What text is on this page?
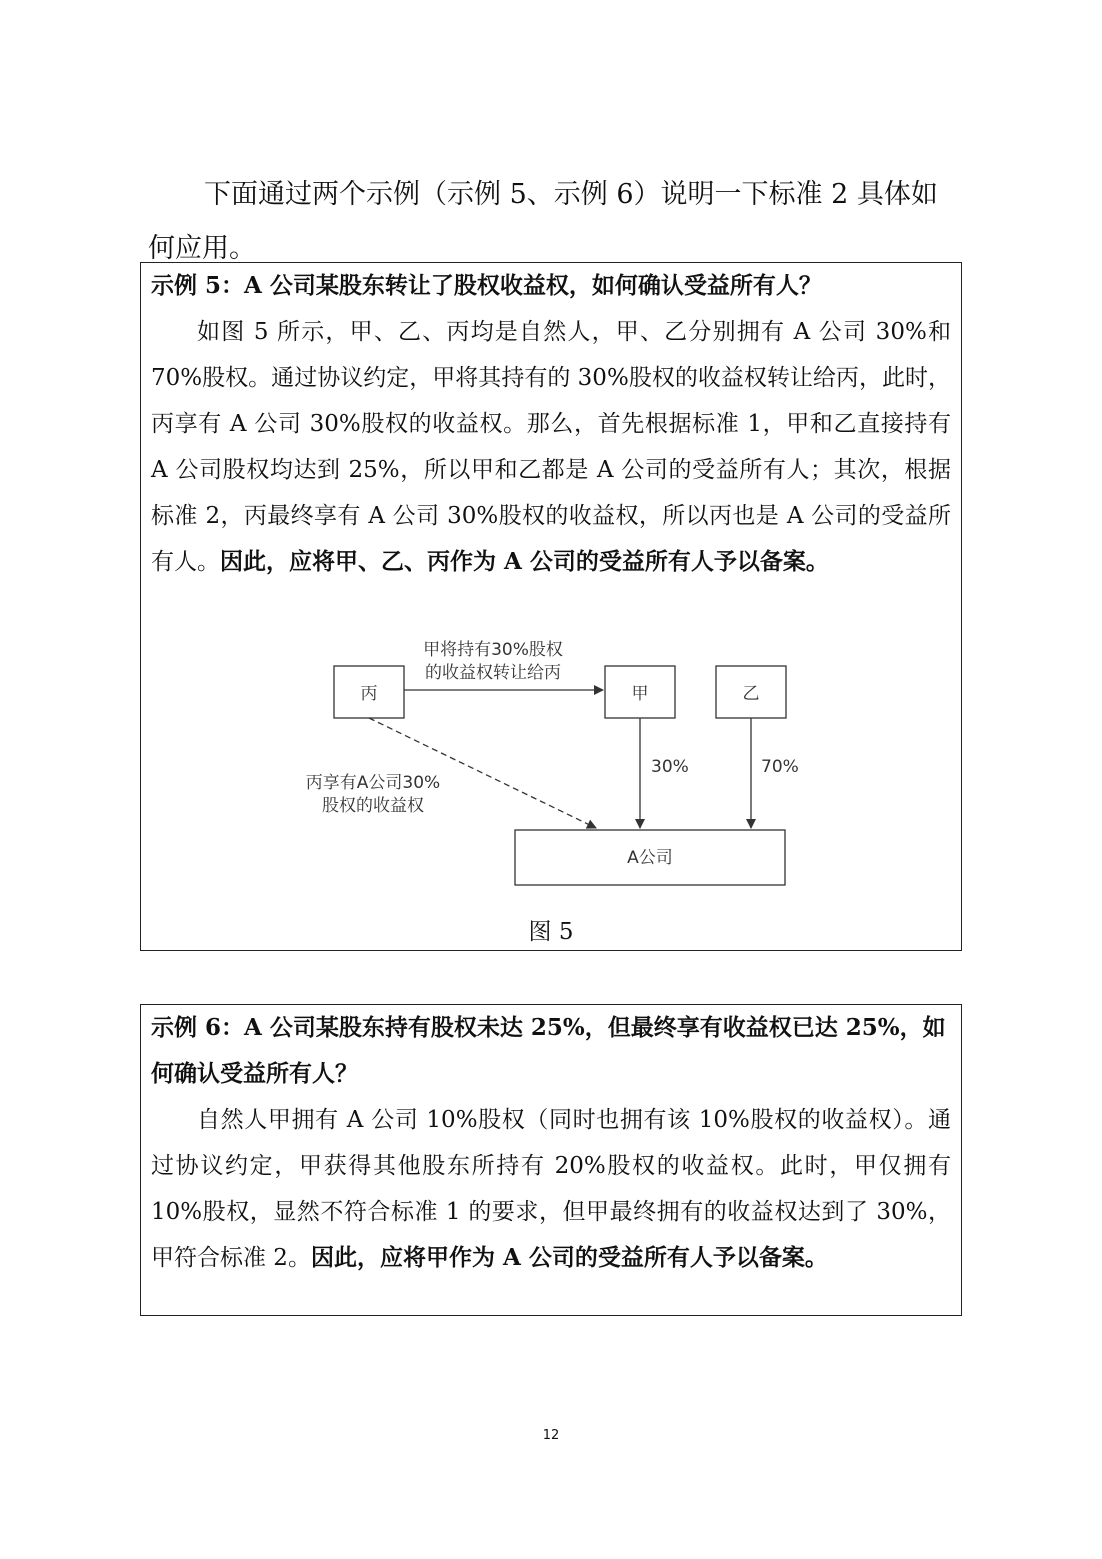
下面通过两个示例（示例 5、示例 6）说明一下标准 2 具体如何应用。

示例 5：A 公司某股东转让了股权收益权，如何确认受益所有人？

如图 5 所示，甲、乙、丙均是自然人，甲、乙分别拥有 A 公司 30%和 70%股权。通过协议约定，甲将其持有的 30%股权的收益权转让给丙，此时，丙享有 A 公司 30%股权的收益权。那么，首先根据标准 1，甲和乙直接持有 A 公司股权均达到 25%，所以甲和乙都是 A 公司的受益所有人；其次，根据标准 2，丙最终享有 A 公司 30%股权的收益权，所以丙也是 A 公司的受益所有人。因此，应将甲、乙、丙作为 A 公司的受益所有人予以备案。

丙	甲	乙
A公司
甲将持有30%股权
的收益权转让给丙
30%	70%
丙享有A公司30%
股权的收益权
图 5

示例 6：A 公司某股东持有股权未达 25%，但最终享有收益权已达 25%，如何确认受益所有人？

自然人甲拥有 A 公司 10%股权（同时也拥有该 10%股权的收益权）。通过协议约定，甲获得其他股东所持有 20%股权的收益权。此时，甲仅拥有 10%股权，显然不符合标准 1 的要求，但甲最终拥有的收益权达到了 30%，甲符合标准 2。因此，应将甲作为 A 公司的受益所有人予以备案。

12
